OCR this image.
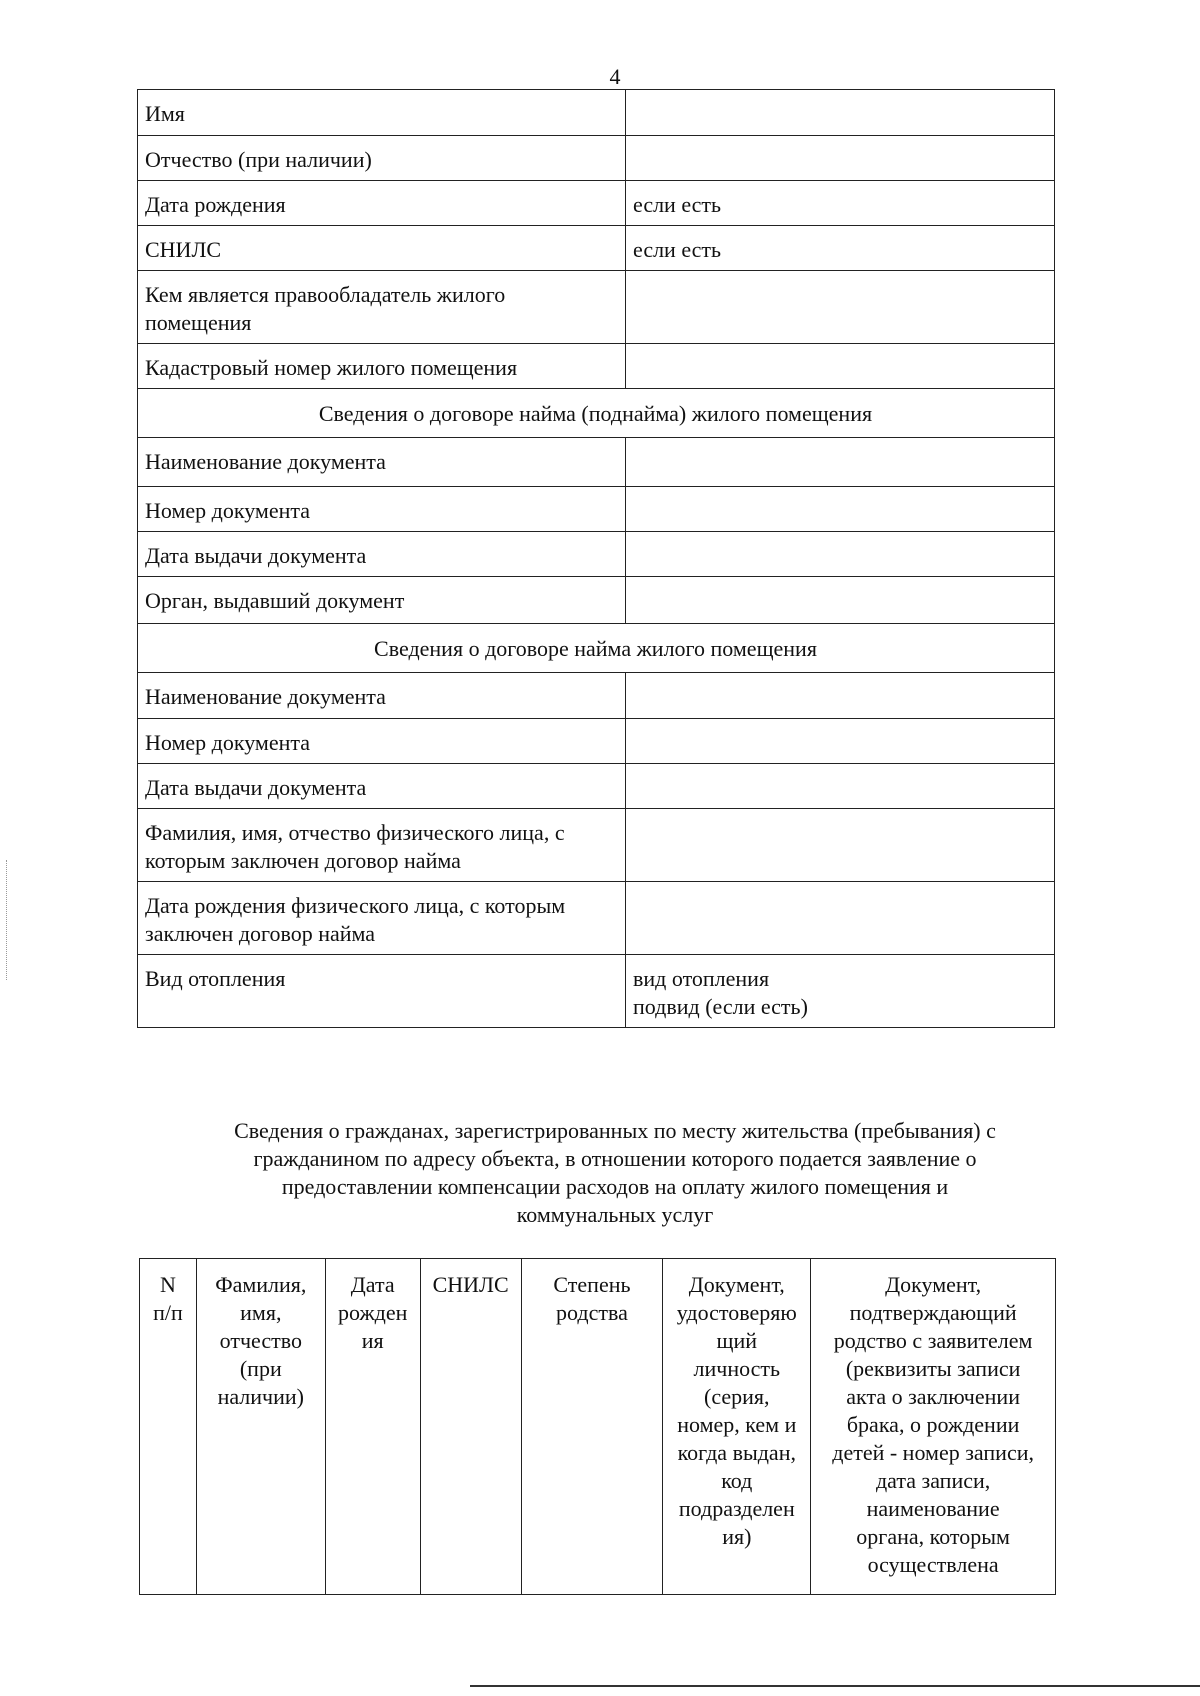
4
Имя	
Отчество (при наличии)	
Дата рождения	если есть
СНИЛС	если есть
Кем является правообладатель жилого помещения	
Кадастровый номер жилого помещения	
Сведения о договоре найма (поднайма) жилого помещения	
Наименование документа	
Номер документа	
Дата выдачи документа	
Орган, выдавший документ	
Сведения о договоре найма жилого помещения	
Наименование документа	
Номер документа	
Дата выдачи документа	
Фамилия, имя, отчество физического лица, с которым заключен договор найма	
Дата рождения физического лица, с которым заключен договор найма	
Вид отопления	вид отопления
подвид (если есть)
Сведения о гражданах, зарегистрированных по месту жительства (пребывания) с гражданином по адресу объекта, в отношении которого подается заявление о предоставлении компенсации расходов на оплату жилого помещения и коммунальных услуг
N
п/п	Фамилия,
имя,
отчество
(при
наличии)	Дата
рожден
ия	СНИЛС	Степень
родства	Документ,
удостоверяю
щий
личность
(серия,
номер, кем и
когда выдан,
код
подразделен
ия)	Документ,
подтверждающий
родство с заявителем
(реквизиты записи
акта о заключении
брака, о рождении
детей - номер записи,
дата записи,
наименование
органа, которым
осуществлена
